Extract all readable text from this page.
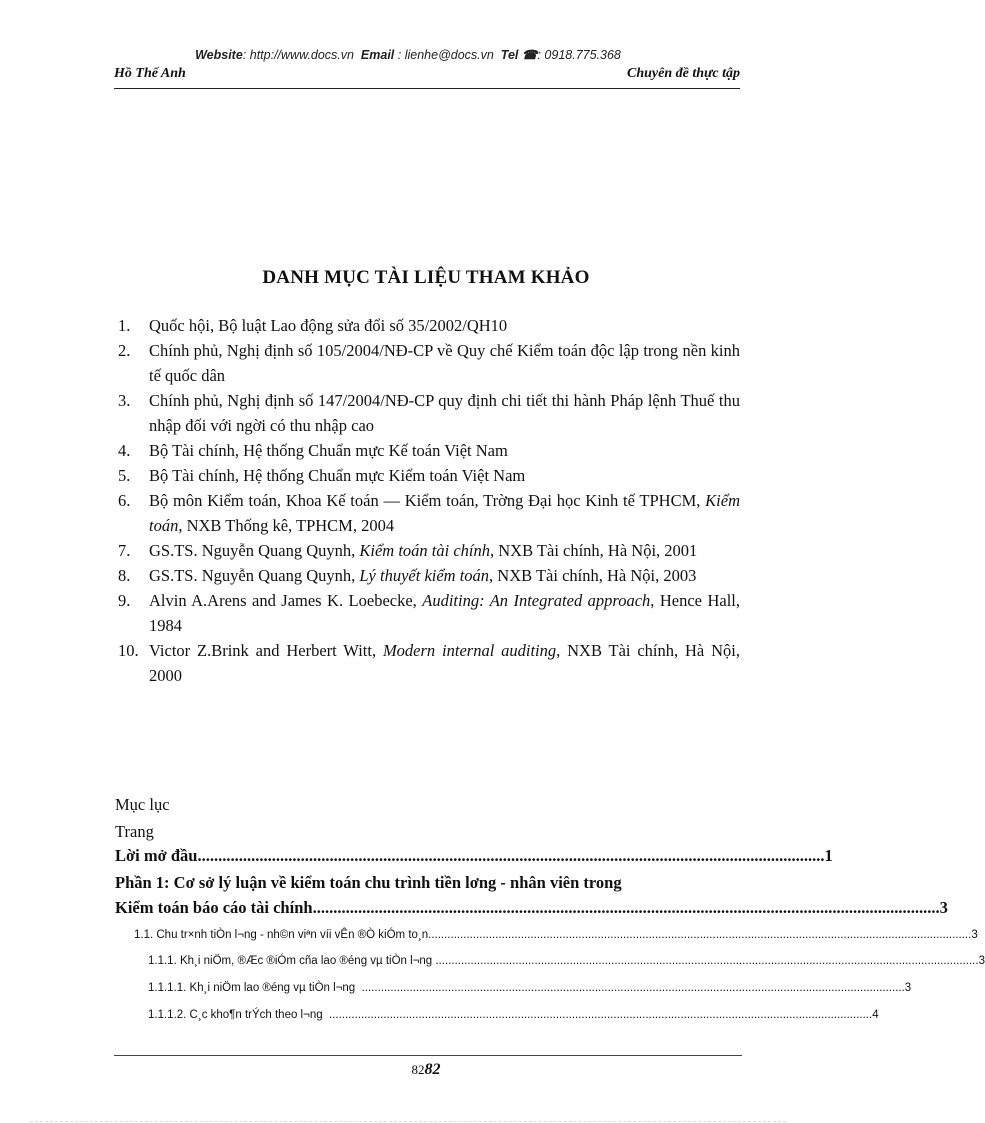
Website: http://www.docs.vn Email : lienhe@docs.vn Tel ☎: 0918.775.368
Hồ Thế Anh	Chuyên đề thực tập
DANH MỤC TÀI LIỆU THAM KHẢO
1. Quốc hội, Bộ luật Lao động sửa đổi số 35/2002/QH10
2. Chính phủ, Nghị định số 105/2004/NĐ-CP về Quy chế Kiểm toán độc lập trong nền kinh tế quốc dân
3. Chính phủ, Nghị định số 147/2004/NĐ-CP quy định chi tiết thi hành Pháp lệnh Thuế thu nhập đối với ngời có thu nhập cao
4. Bộ Tài chính, Hệ thống Chuẩn mực Kế toán Việt Nam
5. Bộ Tài chính, Hệ thống Chuẩn mực Kiểm toán Việt Nam
6. Bộ môn Kiểm toán, Khoa Kế toán — Kiểm toán, Trờng Đại học Kinh tế TPHCM, Kiểm toán, NXB Thống kê, TPHCM, 2004
7. GS.TS. Nguyễn Quang Quynh, Kiểm toán tài chính, NXB Tài chính, Hà Nội, 2001
8. GS.TS. Nguyễn Quang Quynh, Lý thuyết kiểm toán, NXB Tài chính, Hà Nội, 2003
9. Alvin A.Arens and James K. Loebecke, Auditing: An Integrated approach, Hence Hall, 1984
10. Victor Z.Brink and Herbert Witt, Modern internal auditing, NXB Tài chính, Hà Nội, 2000
Mục lục
Trang
Lời mở đầu ........................................................................................................................................................ 1
Phần 1: Cơ sở lý luận về kiểm toán chu trình tiền lơng - nhân viên trong
Kiểm toán báo cáo tài chính ........................................................................................................................................................ 3
1.1. Chu tr×nh tiÒn l¬ng - nh©n viªn víi vÊn ®Ò kiÓm to¸n .......................................................................................................................................................................... 3
1.1.1. Kh¸i niÖm, ®Æc ®iÓm cña lao ®éng vµ tiÒn l¬ng .......................................................................................................................................................................... 3
1.1.1.1. Kh¸i niÖm lao ®éng vµ tiÒn l¬ng .......................................................................................................................................................................... 3
1.1.1.2. C¸c kho¶n trÝch theo l¬ng .......................................................................................................................................................................... 4
8282
